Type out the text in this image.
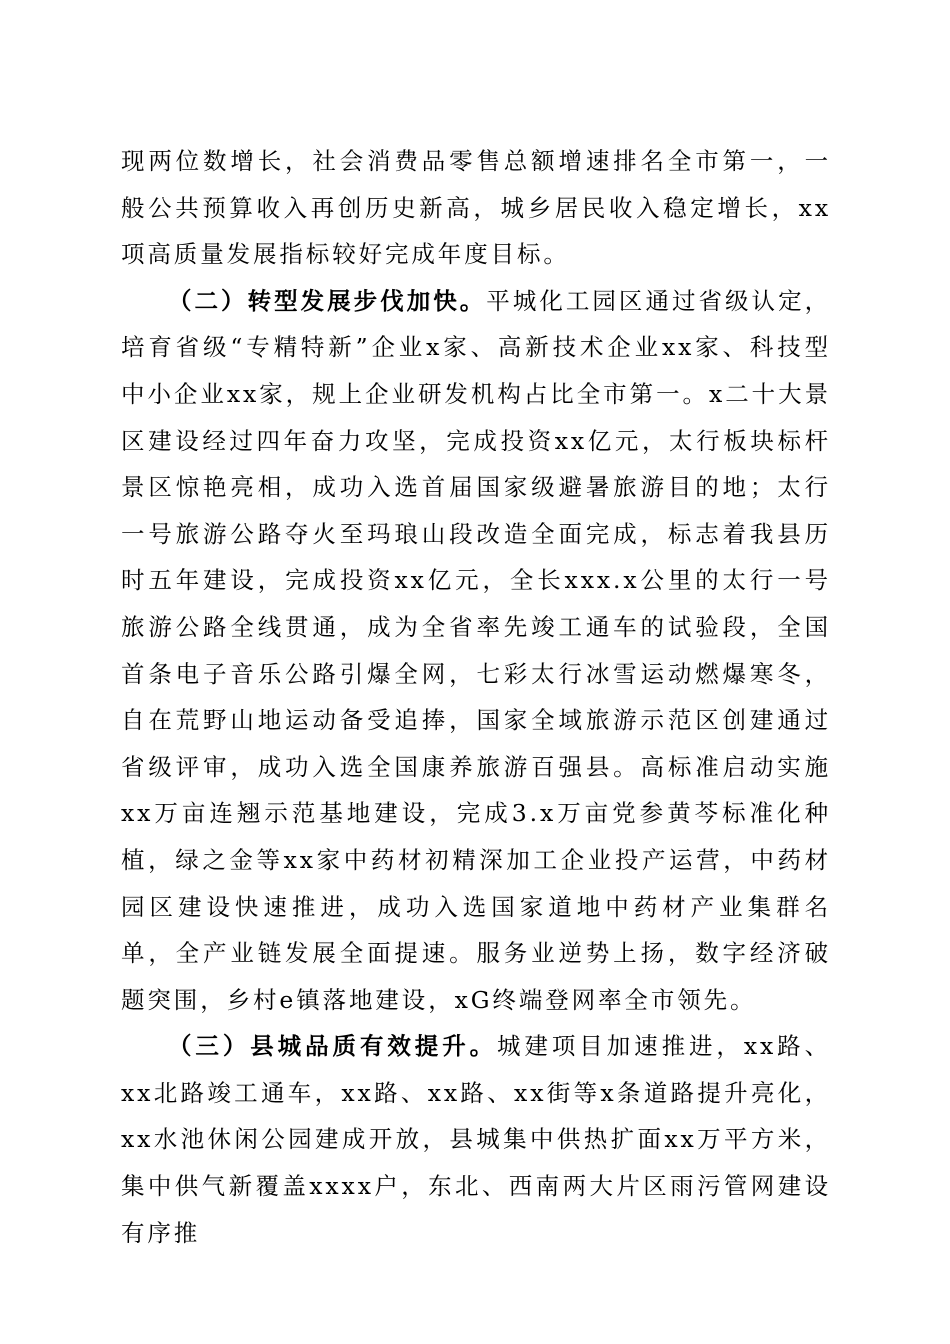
现两位数增长，社会消费品零售总额增速排名全市第一，一般公共预算收入再创历史新高，城乡居民收入稳定增长，xx项高质量发展指标较好完成年度目标。

（二）转型发展步伐加快。平城化工园区通过省级认定，培育省级“专精特新”企业x家、高新技术企业xx家、科技型中小企业xx家，规上企业研发机构占比全市第一。x二十大景区建设经过四年奋力攻坚，完成投资xx亿元，太行板块标杆景区惊艳亮相，成功入选首届国家级避暑旅游目的地；太行一号旅游公路夺火至玛琅山段改造全面完成，标志着我县历时五年建设，完成投资xx亿元，全长xxx.x公里的太行一号旅游公路全线贯通，成为全省率先竣工通车的试验段，全国首条电子音乐公路引爆全网，七彩太行冰雪运动燃爆寒冬，自在荒野山地运动备受追捧，国家全域旅游示范区创建通过省级评审，成功入选全国康养旅游百强县。高标准启动实施xx万亩连翘示范基地建设，完成3.x万亩党参黄芩标准化种植，绿之金等xx家中药材初精深加工企业投产运营，中药材园区建设快速推进，成功入选国家道地中药材产业集群名单，全产业链发展全面提速。服务业逆势上扬，数字经济破题突围，乡村e镇落地建设，xG终端登网率全市领先。

（三）县城品质有效提升。城建项目加速推进，xx路、xx北路竣工通车，xx路、xx路、xx街等x条道路提升亮化，xx水池休闲公园建成开放，县城集中供热扩面xx万平方米，集中供气新覆盖xxxx户，东北、西南两大片区雨污管网建设有序推
